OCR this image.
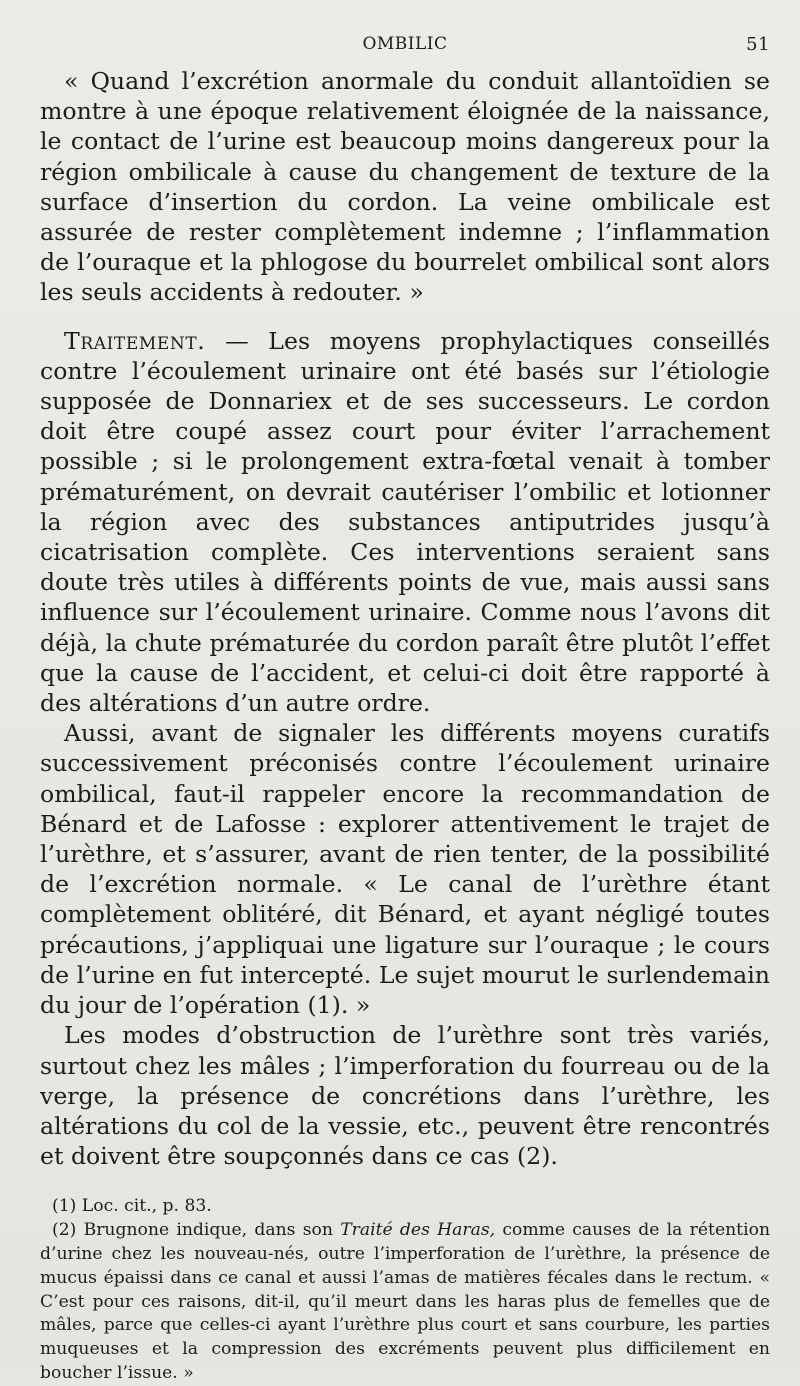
OMBILIC	51

« Quand l’excrétion anormale du conduit allantoïdien se montre à une époque relativement éloignée de la naissance, le contact de l’urine est beaucoup moins dangereux pour la région ombilicale à cause du changement de texture de la surface d’insertion du cordon. La veine ombilicale est assurée de rester complètement indemne ; l’inflammation de l’ouraque et la phlogose du bourrelet ombilical sont alors les seuls accidents à redouter. »

Traitement. — Les moyens prophylactiques conseillés contre l’écoulement urinaire ont été basés sur l’étiologie supposée de Donnariex et de ses successeurs. Le cordon doit être coupé assez court pour éviter l’arrachement possible ; si le prolongement extra-fœtal venait à tomber prématurément, on devrait cautériser l’ombilic et lotionner la région avec des substances antiputrides jusqu’à cicatrisation complète. Ces interventions seraient sans doute très utiles à différents points de vue, mais aussi sans influence sur l’écoulement urinaire. Comme nous l’avons dit déjà, la chute prématurée du cordon paraît être plutôt l’effet que la cause de l’accident, et celui-ci doit être rapporté à des altérations d’un autre ordre.

Aussi, avant de signaler les différents moyens curatifs successivement préconisés contre l’écoulement urinaire ombilical, faut-il rappeler encore la recommandation de Bénard et de Lafosse : explorer attentivement le trajet de l’urèthre, et s’assurer, avant de rien tenter, de la possibilité de l’excrétion normale. « Le canal de l’urèthre étant complètement oblitéré, dit Bénard, et ayant négligé toutes précautions, j’appliquai une ligature sur l’ouraque ; le cours de l’urine en fut intercepté. Le sujet mourut le surlendemain du jour de l’opération (1). »

Les modes d’obstruction de l’urèthre sont très variés, surtout chez les mâles ; l’imperforation du fourreau ou de la verge, la présence de concrétions dans l’urèthre, les altérations du col de la vessie, etc., peuvent être rencontrés et doivent être soupçonnés dans ce cas (2).

(1) Loc. cit., p. 83.

(2) Brugnone indique, dans son Traité des Haras, comme causes de la rétention d’urine chez les nouveau-nés, outre l’imperforation de l’urèthre, la présence de mucus épaissi dans ce canal et aussi l’amas de matières fécales dans le rectum. « C’est pour ces raisons, dit-il, qu’il meurt dans les haras plus de femelles que de mâles, parce que celles-ci ayant l’urèthre plus court et sans courbure, les parties muqueuses et la compression des excréments peuvent plus difficilement en boucher l’issue. »
